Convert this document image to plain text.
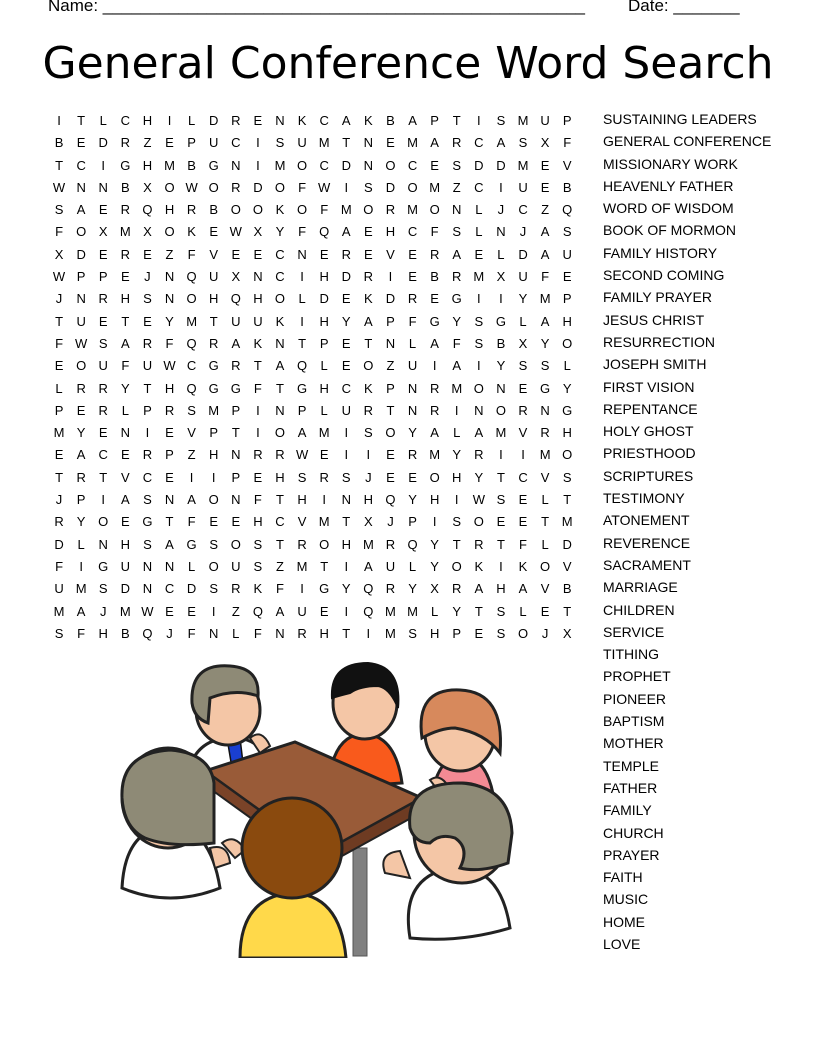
Name: ___________________________________________________	Date: _______
General Conference Word Search
I	T	L	C H	I	L	D R	E	N	K	C	A	K	B	A	P	T	I	S M U	P
B	E	D R	Z	E	P	U C	I	S	U M T	N	E M A	R C	A	S	X	F
T	C	I	G H M B G N	I	M O C D N O C	E	S	D D M E	V
W N N	B	X O W O R D O	F W	I	S	D O M Z	C	I	U	E	B
S	A	E	R Q H R	B O O K O	F M O R M O N	L	J	C	Z	Q
F	O X M X O K	E W X	Y	F	Q A	E	H C	F	S	L	N	J	A	S
X	D	E	R	E	Z	F	V	E	E	C N	E	R	E	V	E	R	A	E	L	D	A	U
W P	P	E	J	N Q U	X	N C	I	H D R	I	E	B	R M X	U	F	E
J	N R H	S	N O H Q H O	L	D	E	K	D R	E G	I	I	Y M P
T	U	E	T	E	Y M T	U U	K	I	H	Y	A	P	F	G Y	S G	L	A	H
F W S	A	R	F	Q R	A	K	N	T	P	E	T	N	L	A	F	S	B	X	Y O
E O U	F	U W C G R	T	A Q	L	E O	Z	U	I	A	I	Y	S	S	L
L	R R	Y	T	H Q G G	F	T	G H C	K	P	N R M O N	E G Y
P	E	R	L	P	R	S M P	I	N	P	L	U R	T	N R	I	N O R N G
M Y	E	N	I	E	V	P	T	I	O A M	I	S O Y	A	L	A M V	R H
E	A	C	E	R	P	Z	H N R R W E	I	I	E	R M Y	R	I	I	M O
T	R	T	V	C	E	I	I	P	E	H	S	R	S	J	E	E O H	Y	T	C	V	S
J	P	I	A	S	N	A O N	F	T	H	I	N H Q Y	H	I	W S	E	L	T
R	Y O E G	T	F	E	E	H C	V M T	X	J	P	I	S O E	E	T M
D	L	N H	S	A G S O S	T	R O H M R Q Y	T	R	T	F	L	D
F	I	G U N N	L	O U	S	Z M T	I	A	U	L	Y O K	I	K O V
U M S	D N C D	S	R	K	F	I	G Y Q R	Y	X	R	A	H	A	V	B
M A	J	M W E	E	I	Z	Q A	U	E	I	Q M M	L	Y	T	S	L	E	T
S	F	H	B Q	J	F	N	L	F	N R H	T	I	M S	H	P	E	S O	J	X
SUSTAINING LEADERS
GENERAL CONFERENCE
MISSIONARY WORK
HEAVENLY FATHER
WORD OF WISDOM
BOOK OF MORMON
FAMILY HISTORY
SECOND COMING
FAMILY PRAYER
JESUS CHRIST
RESURRECTION
JOSEPH SMITH
FIRST VISION
REPENTANCE
HOLY GHOST
PRIESTHOOD
SCRIPTURES
TESTIMONY
ATONEMENT
REVERENCE
SACRAMENT
MARRIAGE
CHILDREN
SERVICE
TITHING
PROPHET
PIONEER
BAPTISM
MOTHER
TEMPLE
FATHER
FAMILY
CHURCH
PRAYER
FAITH
MUSIC
HOME
LOVE
